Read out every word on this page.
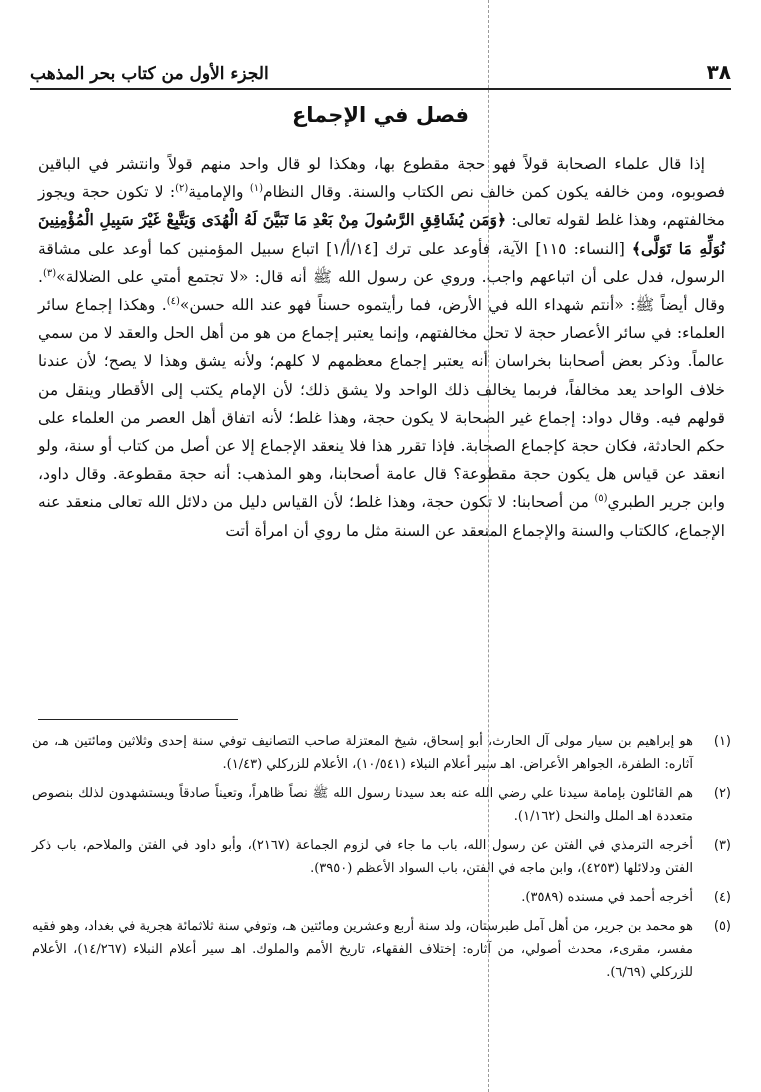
٣٨
الجزء الأول من كتاب بحر المذهب
فصل في الإجماع

إذا قال علماء الصحابة قولاً فهو حجة مقطوع بها، وهكذا لو قال واحد منهم قولاً وانتشر في الباقين فصوبوه، ومن خالفه يكون كمن خالف نص الكتاب والسنة. وقال النظام$^{(١)}$ والإمامية$^{(٢)}$: لا تكون حجة ويجوز مخالفتهم، وهذا غلط لقوله تعالى: ﴿وَمَن يُشَاقِقِ الرَّسُولَ مِنْ بَعْدِ مَا تَبَيَّنَ لَهُ الْهُدَى وَيَتَّبِعْ غَيْرَ سَبِيلِ الْمُؤْمِنِينَ نُوَلِّهِ مَا تَوَلَّى﴾ [النساء: ١١٥] الآية، فأوعد على ترك [١٤/أ/١] اتباع سبيل المؤمنين كما أوعد على مشاقة الرسول، فدل على أن اتباعهم واجب. وروي عن رسول الله ﷺ أنه قال: «لا تجتمع أمتي على الضلالة»$^{(٣)}$. وقال أيضاً ﷺ: «أنتم شهداء الله في الأرض، فما رأيتموه حسناً فهو عند الله حسن»$^{(٤)}$. وهكذا إجماع سائر العلماء: في سائر الأعصار حجة لا تحل مخالفتهم، وإنما يعتبر إجماع من هو من أهل الحل والعقد لا من سمي عالماً. وذكر بعض أصحابنا بخراسان أنه يعتبر إجماع معظمهم لا كلهم؛ ولأنه يشق وهذا لا يصح؛ لأن عندنا خلاف الواحد يعد مخالفاً، فربما يخالف ذلك الواحد ولا يشق ذلك؛ لأن الإمام يكتب إلى الأقطار وينقل من قولهم فيه. وقال دواد: إجماع غير الصحابة لا يكون حجة، وهذا غلط؛ لأنه اتفاق أهل العصر من العلماء على حكم الحادثة، فكان حجة كإجماع الصحابة. فإذا تقرر هذا فلا ينعقد الإجماع إلا عن أصل من كتاب أو سنة، ولو انعقد عن قياس هل يكون حجة مقطوعة؟ قال عامة أصحابنا، وهو المذهب: أنه حجة مقطوعة. وقال داود، وابن جرير الطبري$^{(٥)}$ من أصحابنا: لا تكون حجة، وهذا غلط؛ لأن القياس دليل من دلائل الله تعالى منعقد عنه الإجماع، كالكتاب والسنة والإجماع المنعقد عن السنة مثل ما روي أن امرأة أتت

(١)
هو إبراهيم بن سيار مولى آل الحارث، أبو إسحاق، شيخ المعتزلة صاحب التصانيف توفي سنة إحدى وثلاثين ومائتين هـ، من آثاره: الطفرة، الجواهر الأعراض. اهـ سير أعلام النبلاء (١٠/٥٤١)، الأعلام للزركلي (١/٤٣).
(٢)
هم القائلون بإمامة سيدنا علي رضي الله عنه بعد سيدنا رسول الله ﷺ نصاً ظاهراً، وتعيناً صادقاً ويستشهدون لذلك بنصوص متعددة اهـ الملل والنحل (١/١٦٢).
(٣)
أخرجه الترمذي في الفتن عن رسول الله، باب ما جاء في لزوم الجماعة (٢١٦٧)، وأبو داود في الفتن والملاحم، باب ذكر الفتن ودلائلها (٤٢٥٣)، وابن ماجه في الفتن، باب السواد الأعظم (٣٩٥٠).
(٤)
أخرجه أحمد في مسنده (٣٥٨٩).
(٥)
هو محمد بن جرير، من أهل آمل طبرستان، ولد سنة أربع وعشرين ومائتين هـ، وتوفي سنة ثلاثمائة هجرية في بغداد، وهو فقيه مفسر، مقرىء، محدث أصولي، من آثاره: إختلاف الفقهاء، تاريخ الأمم والملوك. اهـ سير أعلام النبلاء (١٤/٢٦٧)، الأعلام للزركلي (٦/٦٩).
